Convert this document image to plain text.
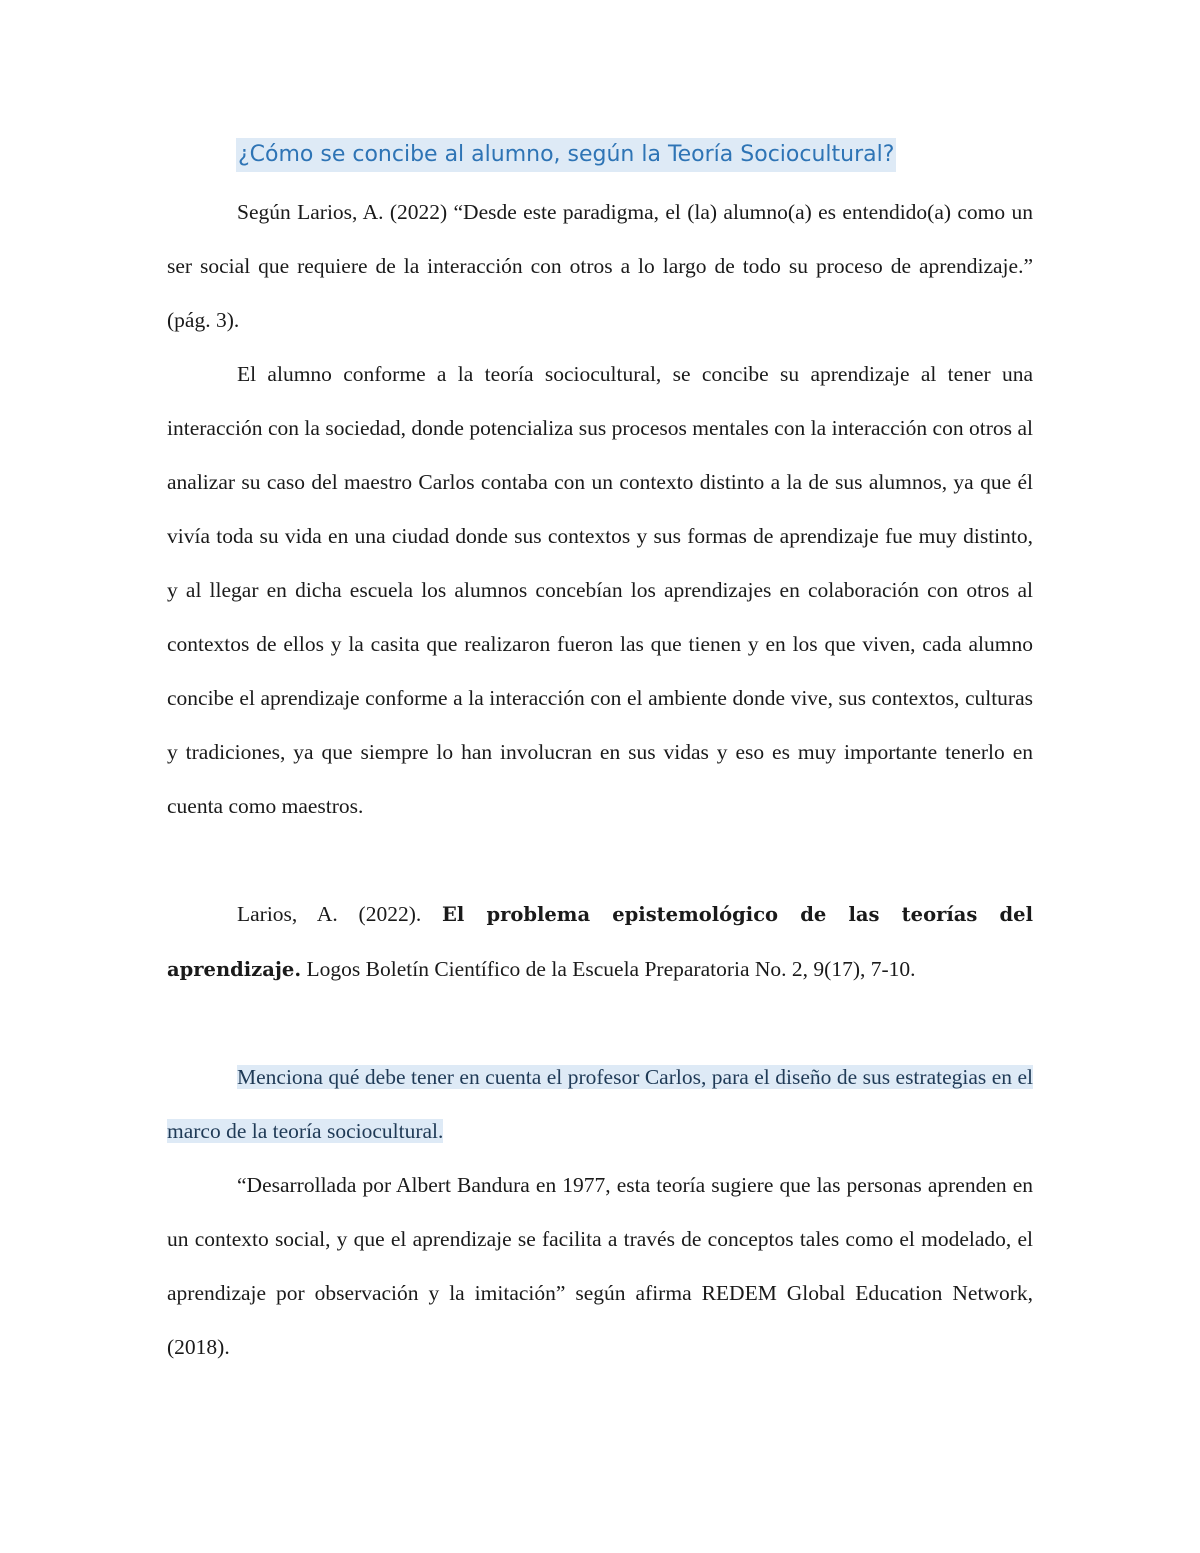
¿Cómo se concibe al alumno, según la Teoría Sociocultural?
Según Larios, A. (2022) “Desde este paradigma, el (la) alumno(a) es entendido(a) como un ser social que requiere de la interacción con otros a lo largo de todo su proceso de aprendizaje.” (pág. 3).
El alumno conforme a la teoría sociocultural, se concibe su aprendizaje al tener una interacción con la sociedad, donde potencializa sus procesos mentales con la interacción con otros al analizar su caso del maestro Carlos contaba con un contexto distinto a la de sus alumnos, ya que él vivía toda su vida en una ciudad donde sus contextos y sus formas de aprendizaje fue muy distinto, y al llegar en dicha escuela los alumnos concebían los aprendizajes en colaboración con otros al contextos de ellos y la casita que realizaron fueron las que tienen y en los que viven, cada alumno concibe el aprendizaje conforme a la interacción con el ambiente donde vive, sus contextos, culturas y tradiciones, ya que siempre lo han involucran en sus vidas y eso es muy importante tenerlo en cuenta como maestros.
Larios, A. (2022). El problema epistemológico de las teorías del aprendizaje. Logos Boletín Científico de la Escuela Preparatoria No. 2, 9(17), 7-10.
Menciona qué debe tener en cuenta el profesor Carlos, para el diseño de sus estrategias en el marco de la teoría sociocultural.
“Desarrollada por Albert Bandura en 1977, esta teoría sugiere que las personas aprenden en un contexto social, y que el aprendizaje se facilita a través de conceptos tales como el modelado, el aprendizaje por observación y la imitación” según afirma REDEM Global Education Network, (2018).
